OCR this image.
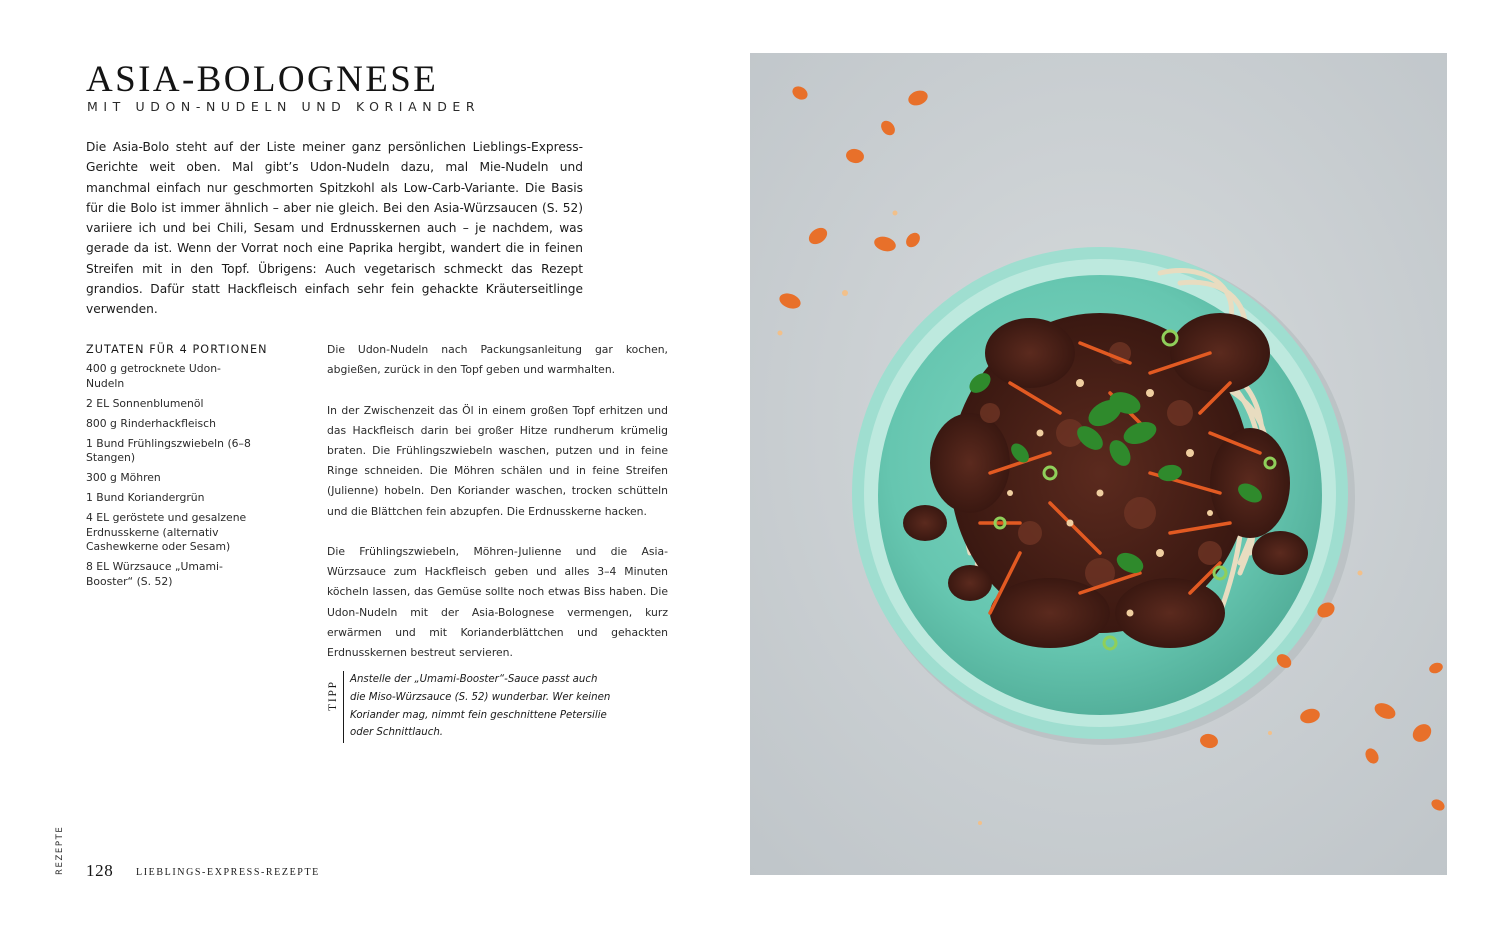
ASIA-BOLOGNESE
MIT UDON-NUDELN UND KORIANDER

Die Asia-Bolo steht auf der Liste meiner ganz persönlichen Lieblings-Express-Gerichte weit oben. Mal gibt’s Udon-Nudeln dazu, mal Mie-Nudeln und manchmal einfach nur geschmorten Spitzkohl als Low-Carb-Variante. Die Basis für die Bolo ist immer ähnlich – aber nie gleich. Bei den Asia-Würzsaucen (S. 52) variiere ich und bei Chili, Sesam und Erdnusskernen auch – je nachdem, was gerade da ist. Wenn der Vorrat noch eine Paprika hergibt, wandert die in feinen Streifen mit in den Topf. Übrigens: Auch vegetarisch schmeckt das Rezept grandios. Dafür statt Hackfleisch einfach sehr fein gehackte Kräuterseitlinge verwenden.

ZUTATEN FÜR 4 PORTIONEN
400 g getrocknete Udon-Nudeln
2 EL Sonnenblumenöl
800 g Rinderhackfleisch
1 Bund Frühlingszwiebeln (6–8 Stangen)
300 g Möhren
1 Bund Koriandergrün
4 EL geröstete und gesalzene Erdnusskerne (alternativ Cashewkerne oder Sesam)
8 EL Würzsauce „Umami-Booster“ (S. 52)

Die Udon-Nudeln nach Packungsanleitung gar kochen, abgießen, zurück in den Topf geben und warmhalten.

In der Zwischenzeit das Öl in einem großen Topf erhitzen und das Hackfleisch darin bei großer Hitze rundherum krümelig braten. Die Frühlingszwiebeln waschen, putzen und in feine Ringe schneiden. Die Möhren schälen und in feine Streifen (Julienne) hobeln. Den Koriander waschen, trocken schütteln und die Blättchen fein abzupfen. Die Erdnusskerne hacken.

Die Frühlingszwiebeln, Möhren-Julienne und die Asia-Würzsauce zum Hackfleisch geben und alles 3–4 Minuten köcheln lassen, das Gemüse sollte noch etwas Biss haben. Die Udon-Nudeln mit der Asia-Bolognese vermengen, kurz erwärmen und mit Korianderblättchen und gehackten Erdnusskernen bestreut servieren.

TIPP
Anstelle der „Umami-Booster“-Sauce passt auch die Miso-Würzsauce (S. 52) wunderbar. Wer keinen Koriander mag, nimmt fein geschnittene Petersilie oder Schnittlauch.
REZEPTE 128 LIEBLINGS-EXPRESS-REZEPTE
